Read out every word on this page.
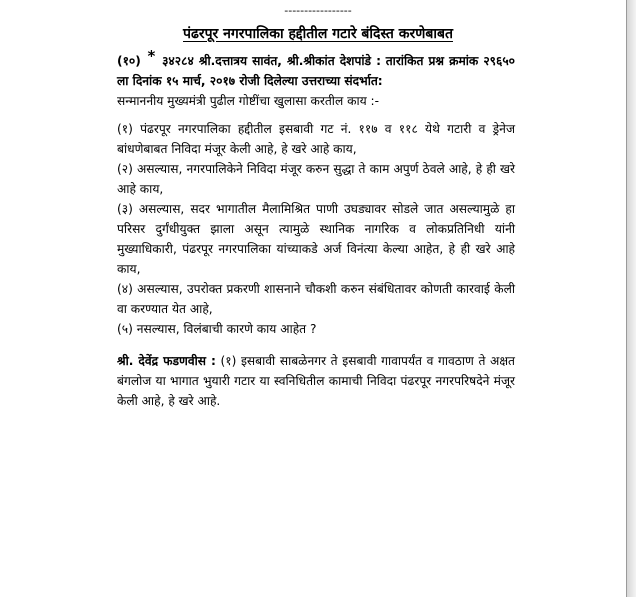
-----------------
पंढरपूर नगरपालिका हद्दीतील गटारे बंदिस्त करणेबाबत

(१०) * ३४२८४ श्री.दत्तात्रय सावंत, श्री.श्रीकांत देशपांडे : तारांकित प्रश्न क्रमांक २९६५० ला दिनांक १५ मार्च, २०१७ रोजी दिलेल्या उत्तराच्या संदर्भात:

सन्माननीय मुख्यमंत्री पुढील गोष्टींचा खुलासा करतील काय :-

(१) पंढरपूर नगरपालिका हद्दीतील इसबावी गट नं. ११७ व ११८ येथे गटारी व ड्रेनेज बांधणेबाबत निविदा मंजूर केली आहे, हे खरे आहे काय,

(२) असल्यास, नगरपालिकेने निविदा मंजूर करुन सुद्धा ते काम अपुर्ण ठेवले आहे, हे ही खरे आहे काय,

(३) असल्यास, सदर भागातील मैलामिश्रित पाणी उघड्यावर सोडले जात असल्यामुळे हा परिसर दुर्गंधीयुक्त झाला असून त्यामुळे स्थानिक नागरिक व लोकप्रतिनिधी यांनी मुख्याधिकारी, पंढरपूर नगरपालिका यांच्याकडे अर्ज विनंत्या केल्या आहेत, हे ही खरे आहे काय,

(४) असल्यास, उपरोक्त प्रकरणी शासनाने चौकशी करुन संबंधितावर कोणती कारवाई केली वा करण्यात येत आहे,

(५) नसल्यास, विलंबाची कारणे काय आहेत ?

श्री. देवेंद्र फडणवीस : (१) इसबावी साबळेनगर ते इसबावी गावापर्यंत व गावठाण ते अक्षत बंगलोज या भागात भुयारी गटार या स्वनिधितील कामाची निविदा पंढरपूर नगरपरिषदेने मंजूर केली आहे, हे खरे आहे.
